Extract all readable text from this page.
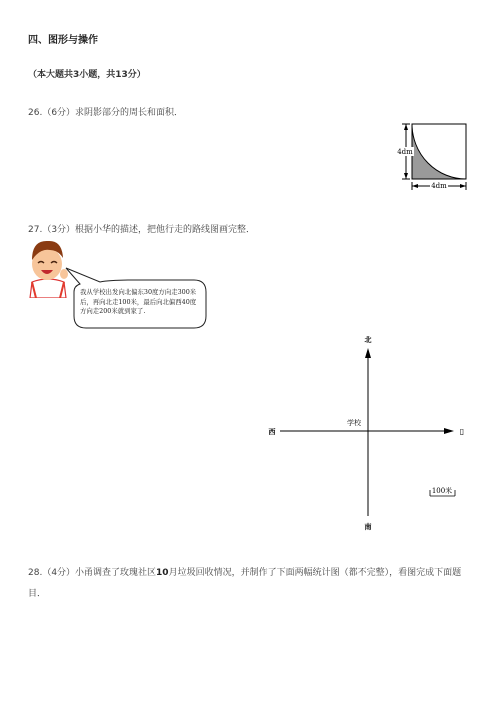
四、图形与操作
（本大题共3小题，共13分）
26.（6分）求阴影部分的周长和面积．
4dm
4dm
27.（3分）根据小华的描述，把他行走的路线图画完整．
我从学校出发向北偏东30度方向走300米后，再向北走100米，最后向北偏西40度方向走200米就到家了.
北
南
西	▯
学校
100米
28.（4分）小甬调查了玫瑰社区10月垃圾回收情况，并制作了下面两幅统计图（都不完整），看图完成下面题目．
